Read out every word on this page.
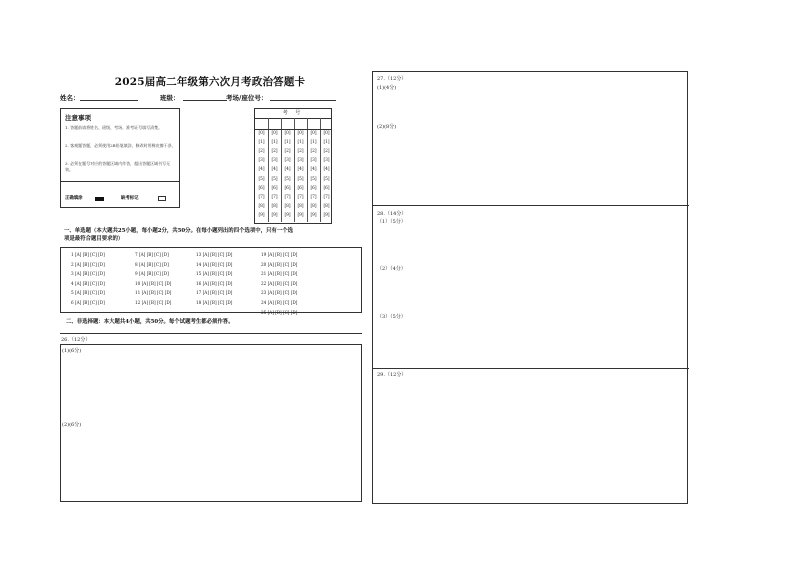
2025届高二年级第六次月考政治答题卡
姓名：	班级：	考场/座位号：
注意事项
1. 答题前请将姓名、班级、考场、准考证号填写清楚。
2. 客观题答题，必须使用2B铅笔填涂，修改时用橡皮擦干净。
3. 必须在题号对应的答题区域内作答，超出答题区域书写无效。
正确填涂	缺考标记
考 号
[0]	[0]	[0]	[0]	[0]	[0]
[1]	[1]	[1]	[1]	[1]	[1]
[2]	[2]	[2]	[2]	[2]	[2]
[3]	[3]	[3]	[3]	[3]	[3]
[4]	[4]	[4]	[4]	[4]	[4]
[5]	[5]	[5]	[5]	[5]	[5]
[6]	[6]	[6]	[6]	[6]	[6]
[7]	[7]	[7]	[7]	[7]	[7]
[8]	[8]	[8]	[8]	[8]	[8]
[9]	[9]	[9]	[9]	[9]	[9]
一、单选题（本大题共25小题，每小题2分，共50分。在每小题列出的四个选项中，只有一个选
项是最符合题目要求的）
1 [A] [B] [C] [D]
2 [A] [B] [C] [D]
3 [A] [B] [C] [D]
4 [A] [B] [C] [D]
5 [A] [B] [C] [D]
6 [A] [B] [C] [D]
7 [A] [B] [C] [D]
8 [A] [B] [C] [D]
9 [A] [B] [C] [D]
10 [A] [B] [C] [D]
11 [A] [B] [C] [D]
12 [A] [B] [C] [D]
13 [A] [B] [C] [D]
14 [A] [B] [C] [D]
15 [A] [B] [C] [D]
16 [A] [B] [C] [D]
17 [A] [B] [C] [D]
18 [A] [B] [C] [D]
19 [A] [B] [C] [D]
20 [A] [B] [C] [D]
21 [A] [B] [C] [D]
22 [A] [B] [C] [D]
23 [A] [B] [C] [D]
24 [A] [B] [C] [D]
25 [A] [B] [C] [D]
二、非选择题：本大题共4小题，共50分。每个试题考生都必须作答。
26.（12分）
(1)(6分)
(2)(6分)
27.（12分）
(1)(4分)
(2)(8分)
28.（14分）
（1）（5分）
（2）（4分）
（3）（5分）
29.（12分）
